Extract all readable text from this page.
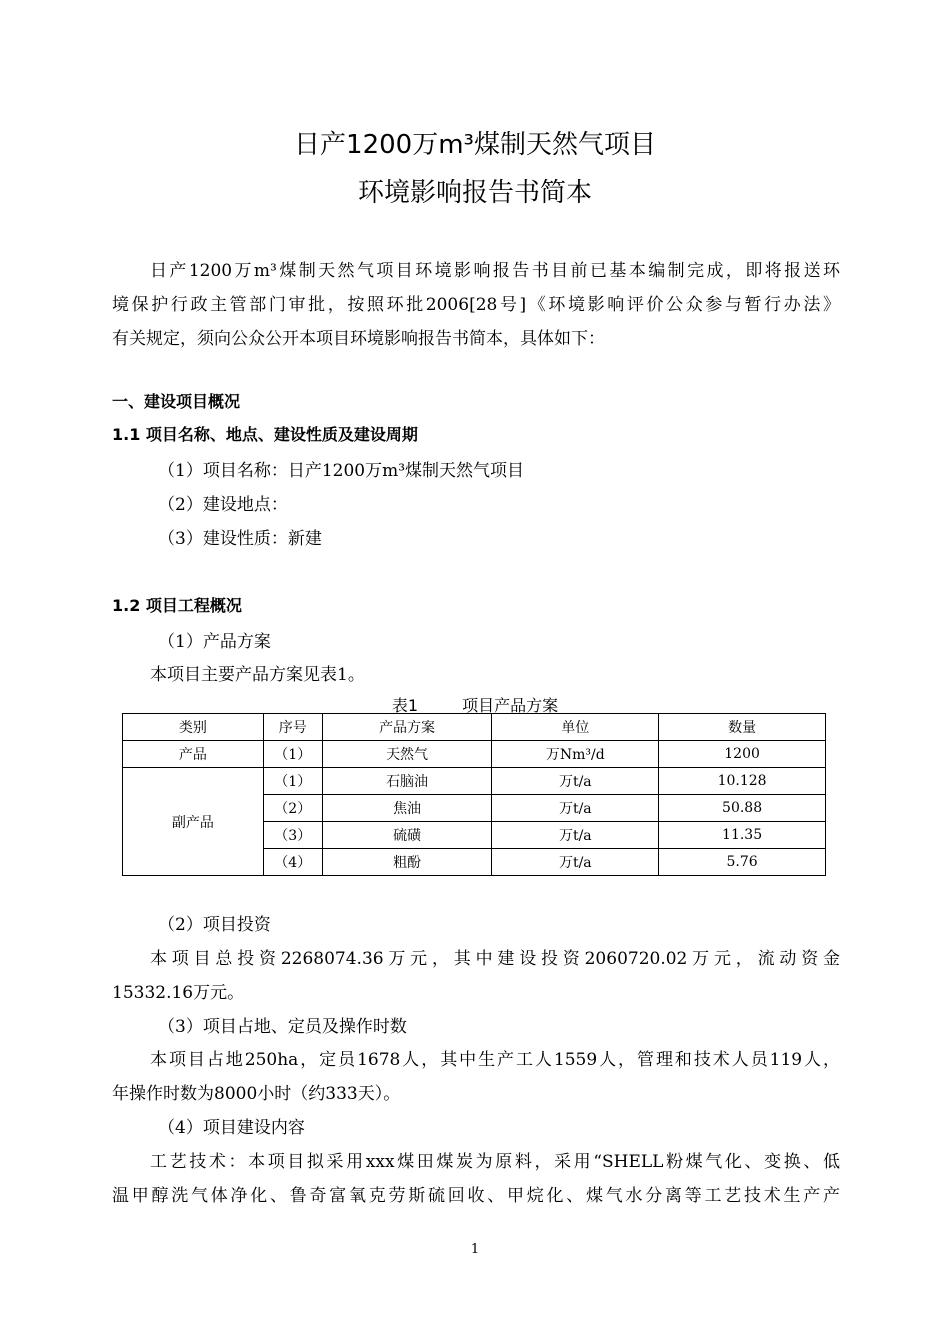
日产1200万m³煤制天然气项目
环境影响报告书简本
日产1200万m³煤制天然气项目环境影响报告书目前已基本编制完成，即将报送环
境保护行政主管部门审批，按照环批2006[28号]《环境影响评价公众参与暂行办法》
有关规定，须向公众公开本项目环境影响报告书简本，具体如下：
一、建设项目概况
1.1 项目名称、地点、建设性质及建设周期
（1）项目名称：日产1200万m³煤制天然气项目
（2）建设地点：
（3）建设性质：新建
1.2 项目工程概况
（1）产品方案
本项目主要产品方案见表1。
表1	项目产品方案
类别	序号	产品方案	单位	数量
产品	（1）	天然气	万Nm³/d	1200
副产品	（1）	石脑油	万t/a	10.128
	（2）	焦油	万t/a	50.88
	（3）	硫磺	万t/a	11.35
	（4）	粗酚	万t/a	5.76
（2）项目投资
本项目总投资2268074.36万元，其中建设投资2060720.02万元，流动资金
15332.16万元。
（3）项目占地、定员及操作时数
本项目占地250ha，定员1678人，其中生产工人1559人，管理和技术人员119人，
年操作时数为8000小时（约333天）。
（4）项目建设内容
工艺技术：本项目拟采用xxx煤田煤炭为原料，采用“SHELL粉煤气化、变换、低
温甲醇洗气体净化、鲁奇富氧克劳斯硫回收、甲烷化、煤气水分离等工艺技术生产产
1
